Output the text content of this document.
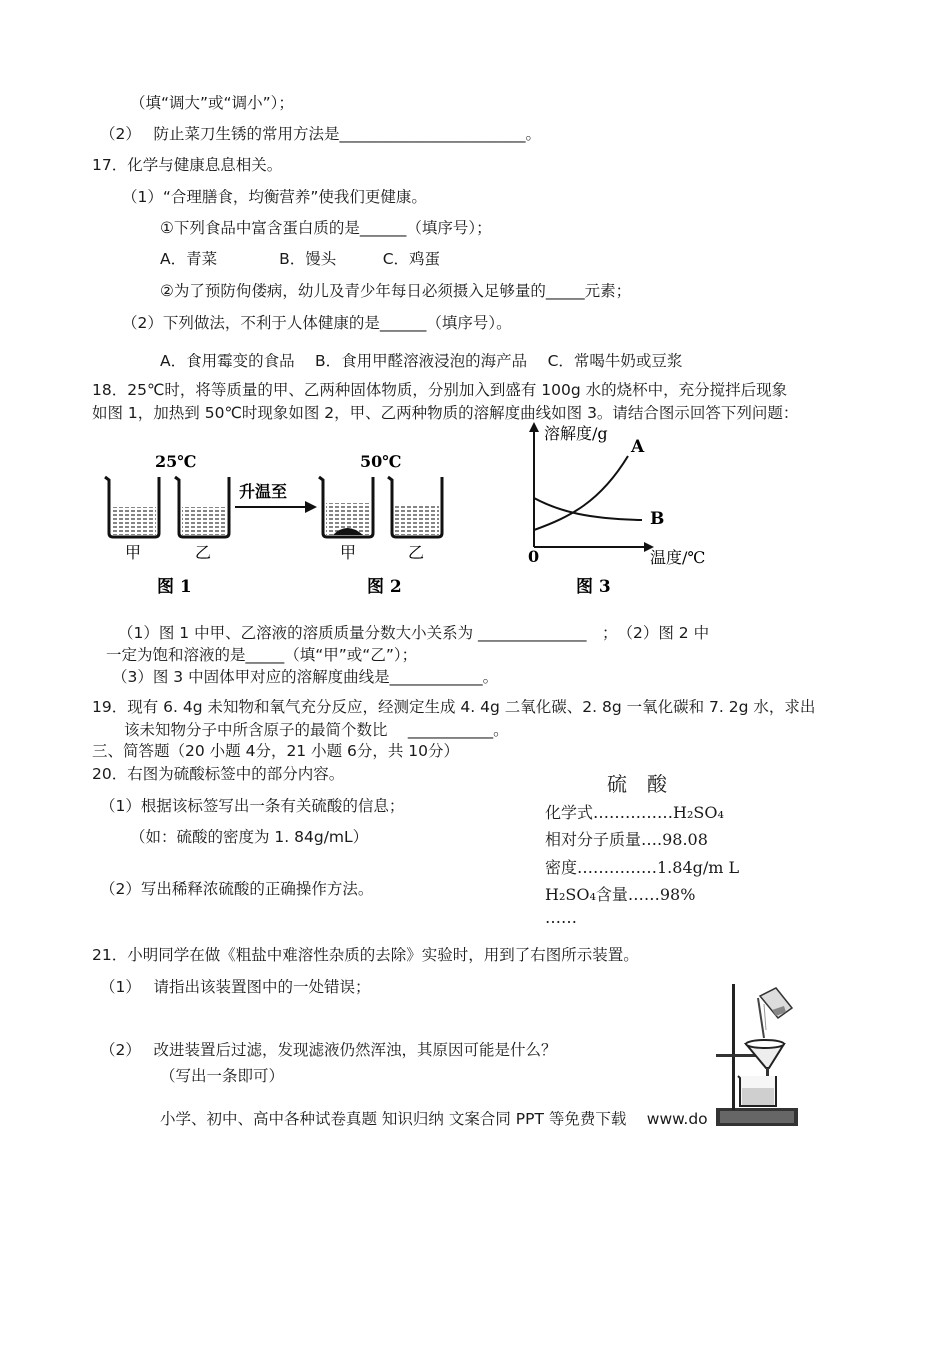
（填“调大”或“调小”）；
（2）　 防止菜刀生锈的常用方法是________________________。
17．化学与健康息息相关。
（1）“合理膳食，均衡营养”使我们更健康。
①下列食品中富含蛋白质的是______（填序号）；
A．青菜　　　　B．馒头　　　C．鸡蛋
②为了预防佝偻病，幼儿及青少年每日必须摄入足够量的_____元素；
（2）下列做法，不利于人体健康的是______（填序号）。
A．食用霉变的食品　 B．食用甲醛溶液浸泡的海产品　 C．常喝牛奶或豆浆
18．25℃时，将等质量的甲、乙两种固体物质，分别加入到盛有 100g 水的烧杯中，充分搅拌后现象
如图 1，加热到 50℃时现象如图 2，甲、乙两种物质的溶解度曲线如图 3。请结合图示回答下列问题：
25℃	50℃
升温至
甲	乙	甲	乙
图 1	图 2
溶解度/g
A
B
0	温度/℃
图 3
（1）图 1 中甲、乙溶液的溶质质量分数大小关系为 ______________　；　（2）图 2 中
一定为饱和溶液的是_____（填“甲”或“乙”）；
（3）图 3 中固体甲对应的溶解度曲线是____________。
19．现有 6. 4g 未知物和氧气充分反应，经测定生成 4. 4g 二氧化碳、2. 8g 一氧化碳和 7. 2g 水，求出
该未知物分子中所含原子的最简个数比　 ___________。
三、简答题（20 小题 4分，21 小题 6分，共 10分）
20．右图为硫酸标签中的部分内容。
（1）根据该标签写出一条有关硫酸的信息；
（如：硫酸的密度为 1. 84g/mL）
（2）写出稀释浓硫酸的正确操作方法。
硫　酸
化学式……………H₂SO₄
相对分子质量….98.08
密度……………1.84g/m L
H₂SO₄含量……98%
……
21．小明同学在做《粗盐中难溶性杂质的去除》实验时，用到了右图所示装置。
（1）　 请指出该装置图中的一处错误；
（2）　 改进装置后过滤，发现滤液仍然浑浊，其原因可能是什么？
（写出一条即可）
小学、初中、高中各种试卷真题 知识归纳 文案合同 PPT 等免费下载　 www.do
